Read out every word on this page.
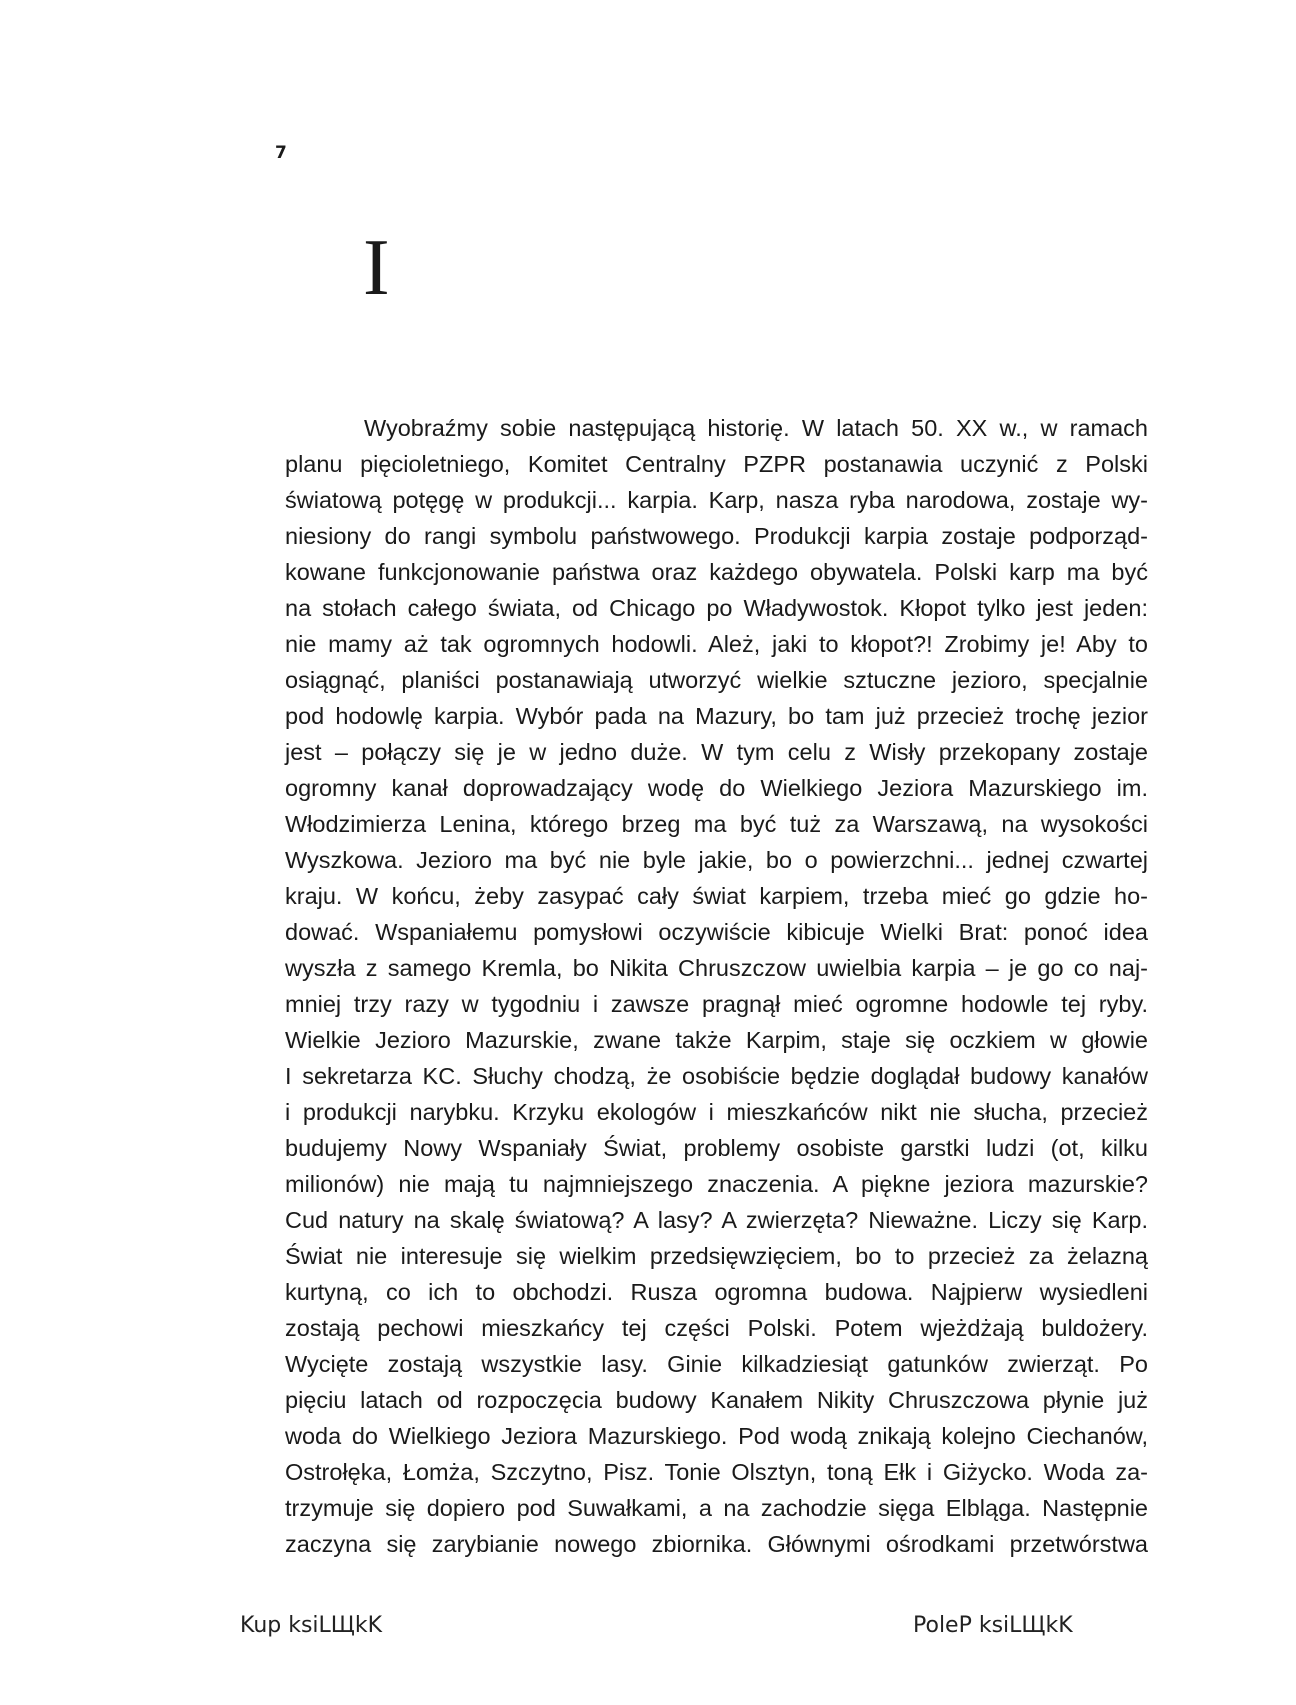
7
I
Wyobraźmy sobie następującą historię. W latach 50. XX w., w ramach
planu pięcioletniego, Komitet Centralny PZPR postanawia uczynić z Polski
światową potęgę w produkcji... karpia. Karp, nasza ryba narodowa, zostaje wy-
niesiony do rangi symbolu państwowego. Produkcji karpia zostaje podporząd-
kowane funkcjonowanie państwa oraz każdego obywatela. Polski karp ma być
na stołach całego świata, od Chicago po Władywostok. Kłopot tylko jest jeden:
nie mamy aż tak ogromnych hodowli. Ależ, jaki to kłopot?! Zrobimy je! Aby to
osiągnąć, planiści postanawiają utworzyć wielkie sztuczne jezioro, specjalnie
pod hodowlę karpia. Wybór pada na Mazury, bo tam już przecież trochę jezior
jest – połączy się je w jedno duże. W tym celu z Wisły przekopany zostaje
ogromny kanał doprowadzający wodę do Wielkiego Jeziora Mazurskiego im.
Włodzimierza Lenina, którego brzeg ma być tuż za Warszawą, na wysokości
Wyszkowa. Jezioro ma być nie byle jakie, bo o powierzchni... jednej czwartej
kraju. W końcu, żeby zasypać cały świat karpiem, trzeba mieć go gdzie ho-
dować. Wspaniałemu pomysłowi oczywiście kibicuje Wielki Brat: ponoć idea
wyszła z samego Kremla, bo Nikita Chruszczow uwielbia karpia – je go co naj-
mniej trzy razy w tygodniu i zawsze pragnął mieć ogromne hodowle tej ryby.
Wielkie Jezioro Mazurskie, zwane także Karpim, staje się oczkiem w głowie
I sekretarza KC. Słuchy chodzą, że osobiście będzie doglądał budowy kanałów
i produkcji narybku. Krzyku ekologów i mieszkańców nikt nie słucha, przecież
budujemy Nowy Wspaniały Świat, problemy osobiste garstki ludzi (ot, kilku
milionów) nie mają tu najmniejszego znaczenia. A piękne jeziora mazurskie?
Cud natury na skalę światową? A lasy? A zwierzęta? Nieważne. Liczy się Karp.
Świat nie interesuje się wielkim przedsięwzięciem, bo to przecież za żelazną
kurtyną, co ich to obchodzi. Rusza ogromna budowa. Najpierw wysiedleni
zostają pechowi mieszkańcy tej części Polski. Potem wjeżdżają buldożery.
Wycięte zostają wszystkie lasy. Ginie kilkadziesiąt gatunków zwierząt. Po
pięciu latach od rozpoczęcia budowy Kanałem Nikity Chruszczowa płynie już
woda do Wielkiego Jeziora Mazurskiego. Pod wodą znikają kolejno Ciechanów,
Ostrołęka, Łomża, Szczytno, Pisz. Tonie Olsztyn, toną Ełk i Giżycko. Woda za-
trzymuje się dopiero pod Suwałkami, a na zachodzie sięga Elbląga. Następnie
zaczyna się zarybianie nowego zbiornika. Głównymi ośrodkami przetwórstwa
Kup ksiLЩkK	PoleP ksiLЩkK
